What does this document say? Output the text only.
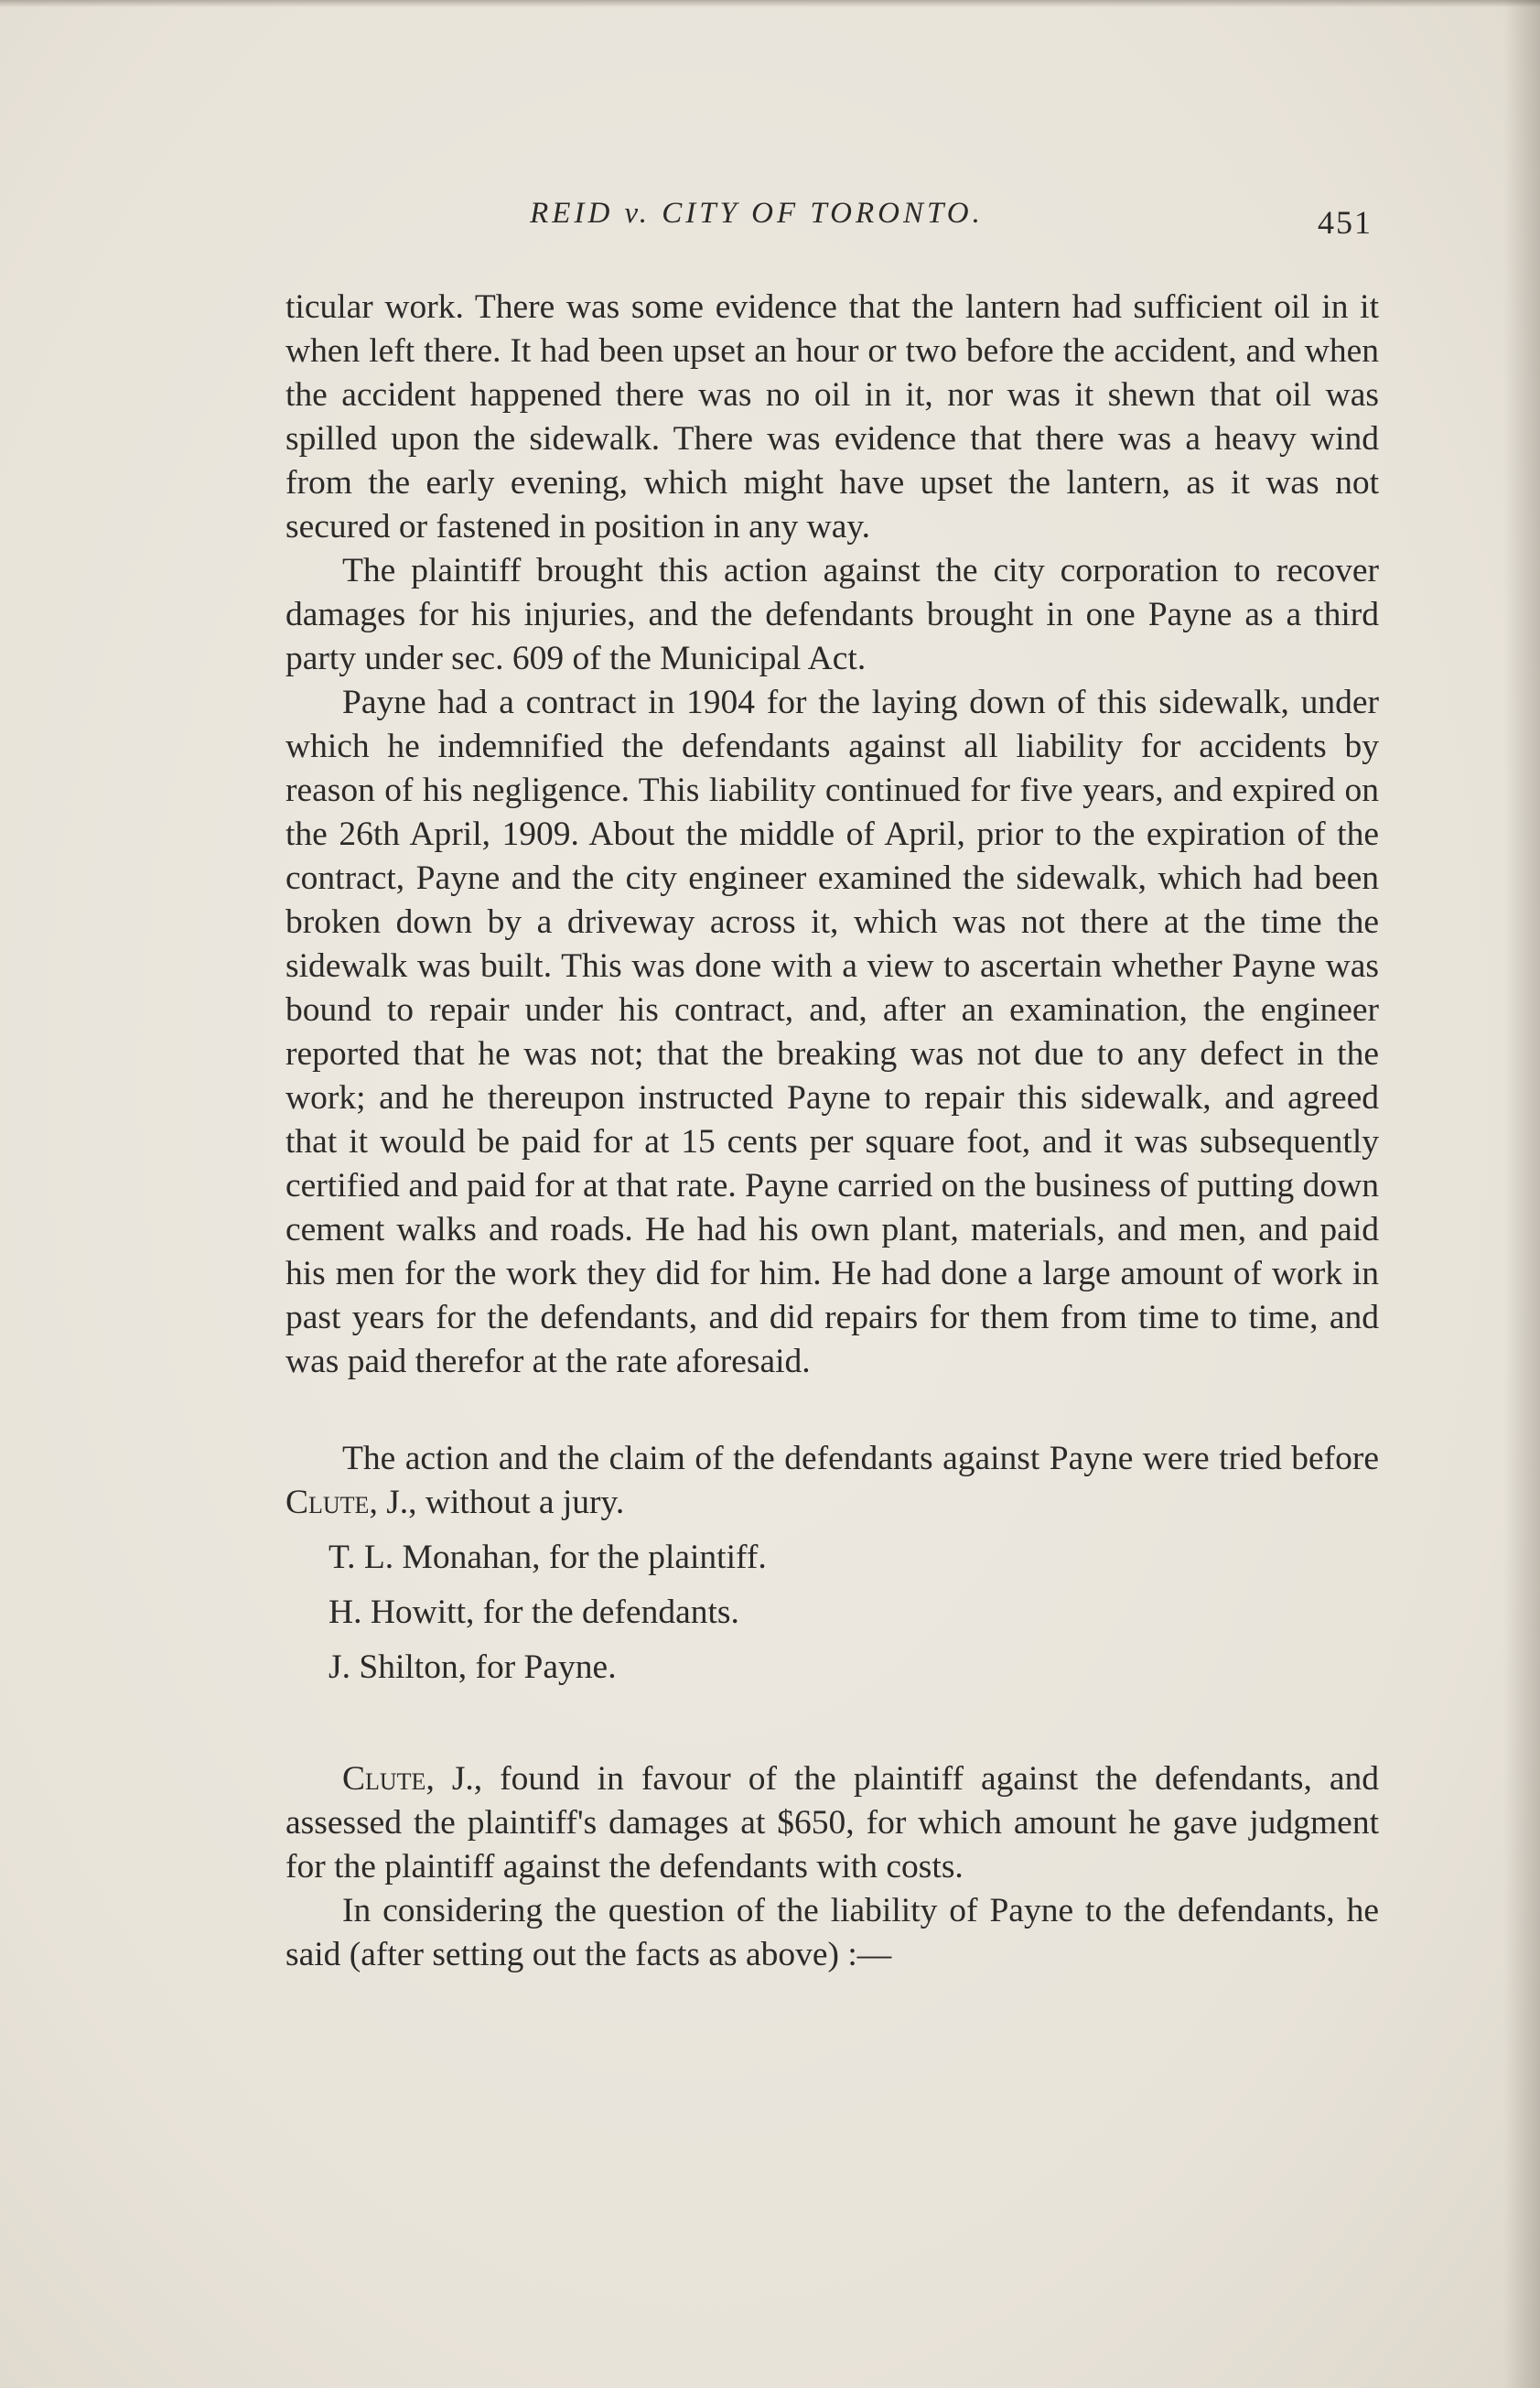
REID v. CITY OF TORONTO.	451

ticular work. There was some evidence that the lantern had sufficient oil in it when left there. It had been upset an hour or two before the accident, and when the accident happened there was no oil in it, nor was it shewn that oil was spilled upon the sidewalk. There was evidence that there was a heavy wind from the early evening, which might have upset the lantern, as it was not secured or fastened in position in any way.

The plaintiff brought this action against the city corporation to recover damages for his injuries, and the defendants brought in one Payne as a third party under sec. 609 of the Municipal Act.

Payne had a contract in 1904 for the laying down of this sidewalk, under which he indemnified the defendants against all liability for accidents by reason of his negligence. This liability continued for five years, and expired on the 26th April, 1909. About the middle of April, prior to the expiration of the contract, Payne and the city engineer examined the sidewalk, which had been broken down by a driveway across it, which was not there at the time the sidewalk was built. This was done with a view to ascertain whether Payne was bound to repair under his contract, and, after an examination, the engineer reported that he was not; that the breaking was not due to any defect in the work; and he thereupon instructed Payne to repair this sidewalk, and agreed that it would be paid for at 15 cents per square foot, and it was subsequently certified and paid for at that rate. Payne carried on the business of putting down cement walks and roads. He had his own plant, materials, and men, and paid his men for the work they did for him. He had done a large amount of work in past years for the defendants, and did repairs for them from time to time, and was paid therefor at the rate aforesaid.

The action and the claim of the defendants against Payne were tried before Clute, J., without a jury.

T. L. Monahan, for the plaintiff.
H. Howitt, for the defendants.
J. Shilton, for Payne.

Clute, J., found in favour of the plaintiff against the defendants, and assessed the plaintiff's damages at $650, for which amount he gave judgment for the plaintiff against the defendants with costs.

In considering the question of the liability of Payne to the defendants, he said (after setting out the facts as above) :—
